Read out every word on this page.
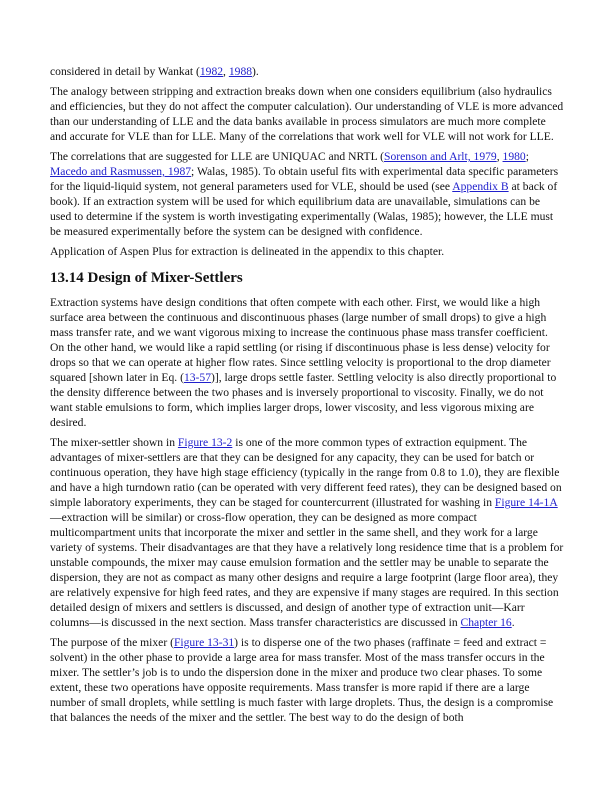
considered in detail by Wankat (1982, 1988).

The analogy between stripping and extraction breaks down when one considers equilibrium (also hydraulics and efficiencies, but they do not affect the computer calculation). Our understanding of VLE is more advanced than our understanding of LLE and the data banks available in process simulators are much more complete and accurate for VLE than for LLE. Many of the correlations that work well for VLE will not work for LLE.

The correlations that are suggested for LLE are UNIQUAC and NRTL (Sorenson and Arlt, 1979, 1980; Macedo and Rasmussen, 1987; Walas, 1985). To obtain useful fits with experimental data specific parameters for the liquid-liquid system, not general parameters used for VLE, should be used (see Appendix B at back of book). If an extraction system will be used for which equilibrium data are unavailable, simulations can be used to determine if the system is worth investigating experimentally (Walas, 1985); however, the LLE must be measured experimentally before the system can be designed with confidence.

Application of Aspen Plus for extraction is delineated in the appendix to this chapter.

13.14 Design of Mixer-Settlers

Extraction systems have design conditions that often compete with each other. First, we would like a high surface area between the continuous and discontinuous phases (large number of small drops) to give a high mass transfer rate, and we want vigorous mixing to increase the continuous phase mass transfer coefficient. On the other hand, we would like a rapid settling (or rising if discontinuous phase is less dense) velocity for drops so that we can operate at higher flow rates. Since settling velocity is proportional to the drop diameter squared [shown later in Eq. (13-57)], large drops settle faster. Settling velocity is also directly proportional to the density difference between the two phases and is inversely proportional to viscosity. Finally, we do not want stable emulsions to form, which implies larger drops, lower viscosity, and less vigorous mixing are desired.

The mixer-settler shown in Figure 13-2 is one of the more common types of extraction equipment. The advantages of mixer-settlers are that they can be designed for any capacity, they can be used for batch or continuous operation, they have high stage efficiency (typically in the range from 0.8 to 1.0), they are flexible and have a high turndown ratio (can be operated with very different feed rates), they can be designed based on simple laboratory experiments, they can be staged for countercurrent (illustrated for washing in Figure 14-1A—extraction will be similar) or cross-flow operation, they can be designed as more compact multicompartment units that incorporate the mixer and settler in the same shell, and they work for a large variety of systems. Their disadvantages are that they have a relatively long residence time that is a problem for unstable compounds, the mixer may cause emulsion formation and the settler may be unable to separate the dispersion, they are not as compact as many other designs and require a large footprint (large floor area), they are relatively expensive for high feed rates, and they are expensive if many stages are required. In this section detailed design of mixers and settlers is discussed, and design of another type of extraction unit—Karr columns—is discussed in the next section. Mass transfer characteristics are discussed in Chapter 16.

The purpose of the mixer (Figure 13-31) is to disperse one of the two phases (raffinate = feed and extract = solvent) in the other phase to provide a large area for mass transfer. Most of the mass transfer occurs in the mixer. The settler’s job is to undo the dispersion done in the mixer and produce two clear phases. To some extent, these two operations have opposite requirements. Mass transfer is more rapid if there are a large number of small droplets, while settling is much faster with large droplets. Thus, the design is a compromise that balances the needs of the mixer and the settler. The best way to do the design of both
